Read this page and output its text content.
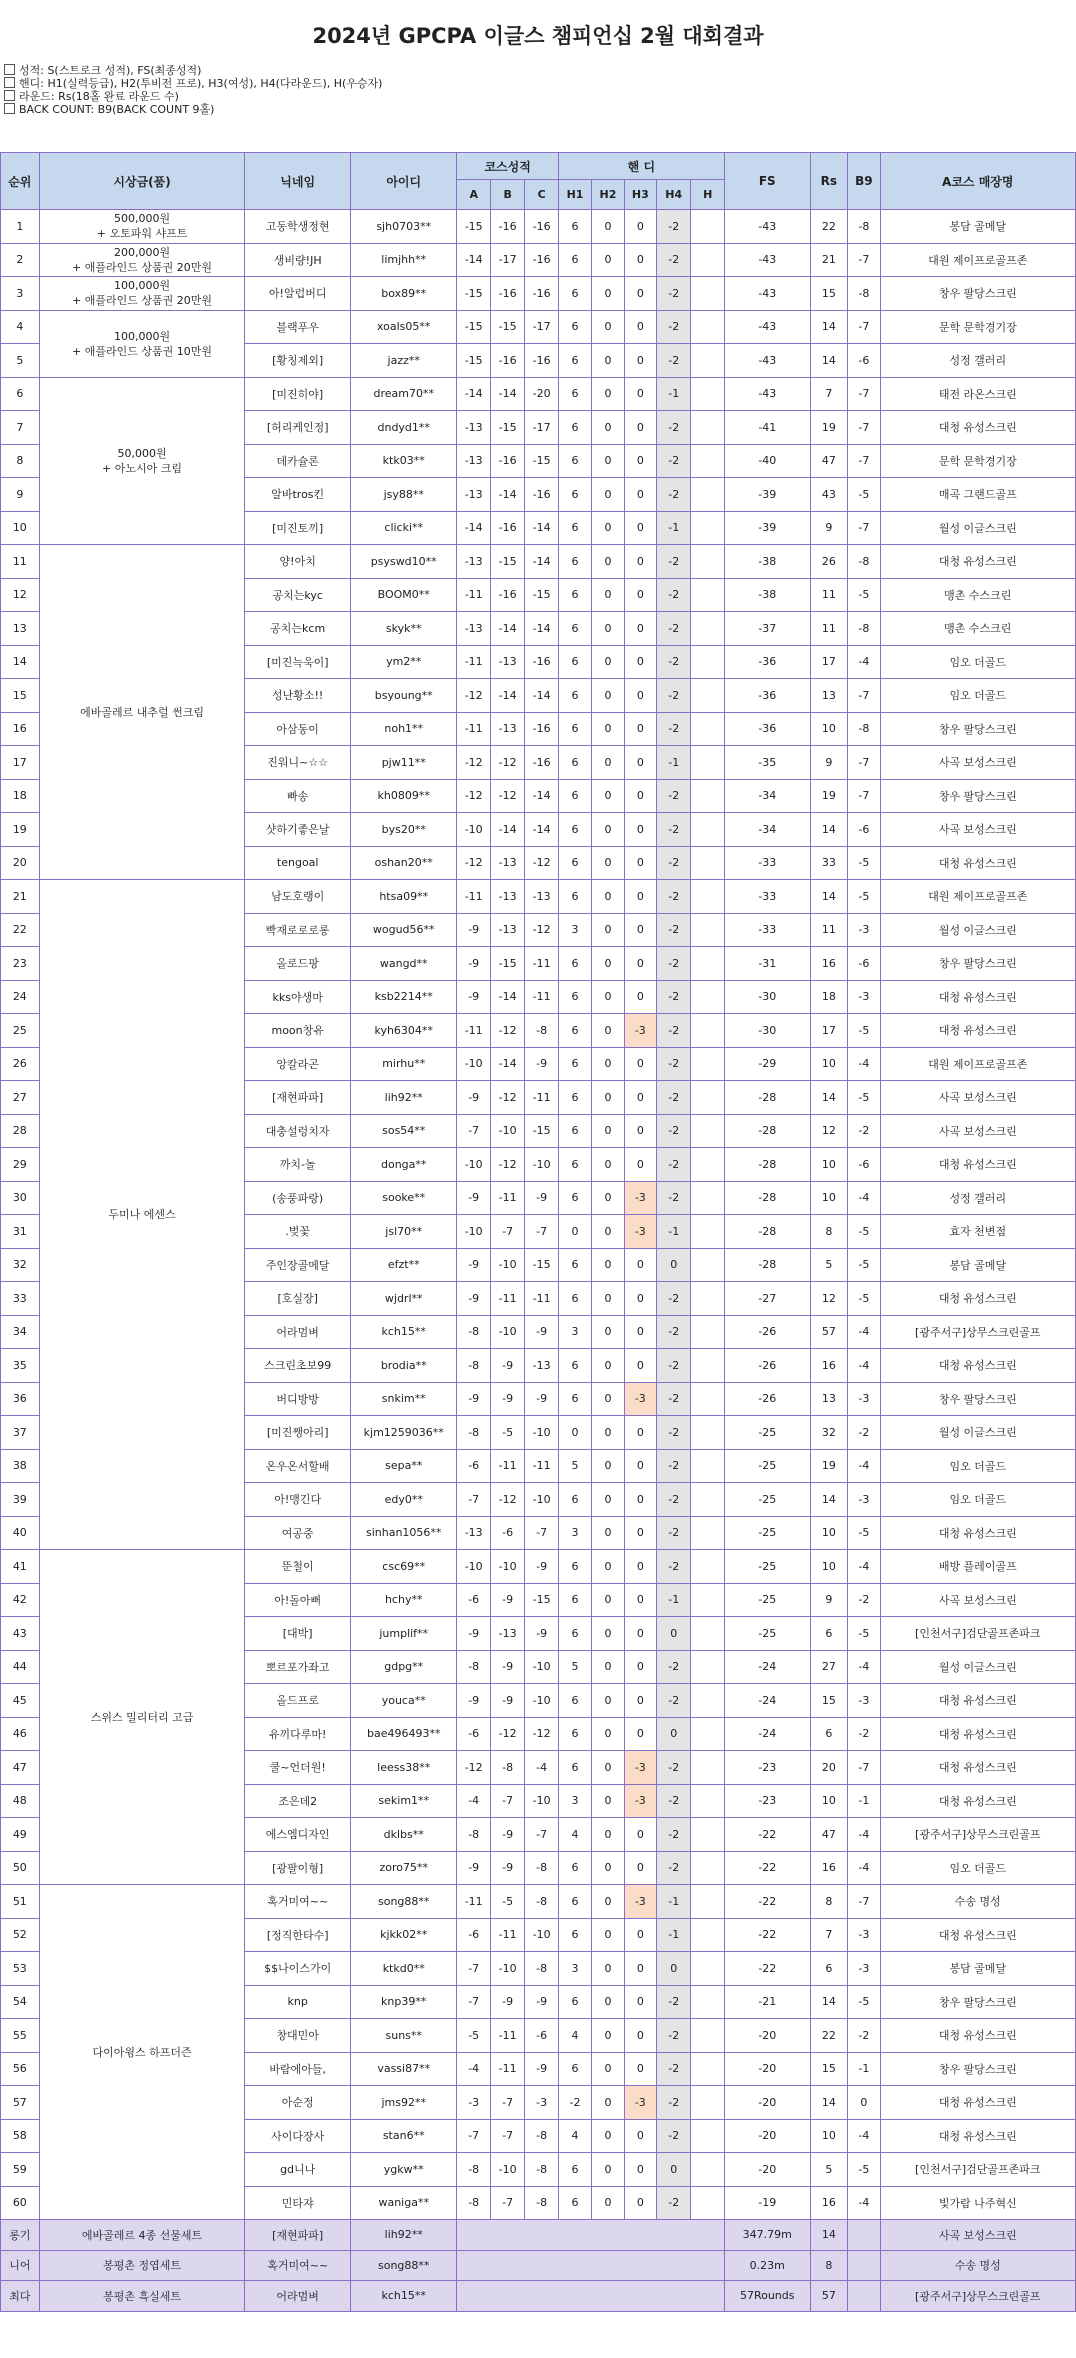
2024년 GPCPA 이글스 챔피언십 2월 대회결과
성적: S(스트로크 성적), FS(최종성적)
핸디: H1(실력등급), H2(투비전 프로), H3(여성), H4(다라운드), H(우승자)
라운드: Rs(18홀 완료 라운드 수)
BACK COUNT: B9(BACK COUNT 9홀)
순위	시상금(품)	닉네임	아이디	코스성적			핸 디					FS	Rs	B9	A코스 매장명
				A	B	C	H1	H2	H3	H4	H				
1	500,000원
+ 오토파워 샤프트	고동학생정현	sjh0703**	-15	-16	-16	6	0	0	-2		-43	22	-8	봉담 골메달
2	200,000원
+ 애플라인드 상품권 20만원	생비량!JH	limjhh**	-14	-17	-16	6	0	0	-2		-43	21	-7	대원 제이프로골프존
3	100,000원
+ 애플라인드 상품권 20만원	아!알럽버디	box89**	-15	-16	-16	6	0	0	-2		-43	15	-8	창우 팔당스크린
4	100,000원
+ 애플라인드 상품권 10만원	블랙푸우	xoals05**	-15	-15	-17	6	0	0	-2		-43	14	-7	문학 문학경기장
5		[황칭제외]	jazz**	-15	-16	-16	6	0	0	-2		-43	14	-6	성정 갤러리
6	50,000원
+ 아노시아 크림	[미진히야]	dream70**	-14	-14	-20	6	0	0	-1		-43	7	-7	태전 라온스크린
7		[허리케인정]	dndyd1**	-13	-15	-17	6	0	0	-2		-41	19	-7	대청 유성스크린
8		데카슐론	ktk03**	-13	-16	-15	6	0	0	-2		-40	47	-7	문학 문학경기장
9		알바tros킨	jsy88**	-13	-14	-16	6	0	0	-2		-39	43	-5	매곡 그랜드골프
10		[미진토끼]	clicki**	-14	-16	-14	6	0	0	-1		-39	9	-7	월성 이글스크린
11	에바골레르 내추럴 썬크림	양!아치	psyswd10**	-13	-15	-14	6	0	0	-2		-38	26	-8	대청 유성스크린
12		공치는kyc	BOOM0**	-11	-16	-15	6	0	0	-2		-38	11	-5	맹촌 수스크린
13		공치는kcm	skyk**	-13	-14	-14	6	0	0	-2		-37	11	-8	맹촌 수스크린
14		[미진늑욱이]	ym2**	-11	-13	-16	6	0	0	-2		-36	17	-4	임오 더골드
15		성난황소!!	bsyoung**	-12	-14	-14	6	0	0	-2		-36	13	-7	임오 더골드
16		아삼동이	noh1**	-11	-13	-16	6	0	0	-2		-36	10	-8	창우 팔당스크린
17		진워니~☆☆	pjw11**	-12	-12	-16	6	0	0	-1		-35	9	-7	사곡 보성스크린
18		빠송	kh0809**	-12	-12	-14	6	0	0	-2		-34	19	-7	창우 팔당스크린
19		샷하기좋은날	bys20**	-10	-14	-14	6	0	0	-2		-34	14	-6	사곡 보성스크린
20		tengoal	oshan20**	-12	-13	-12	6	0	0	-2		-33	33	-5	대청 유성스크린
21	두미나 에센스	남도호랭이	htsa09**	-11	-13	-13	6	0	0	-2		-33	14	-5	대원 제이프로골프존
22		빡재로로로롱	wogud56**	-9	-13	-12	3	0	0	-2		-33	11	-3	월성 이글스크린
23		올로드팡	wangd**	-9	-15	-11	6	0	0	-2		-31	16	-6	창우 팔당스크린
24		kks야생마	ksb2214**	-9	-14	-11	6	0	0	-2		-30	18	-3	대청 유성스크린
25		moon창유	kyh6304**	-11	-12	-8	6	0	-3	-2		-30	17	-5	대청 유성스크린
26		앙칼라곤	mirhu**	-10	-14	-9	6	0	0	-2		-29	10	-4	대원 제이프로골프존
27		[재현파파]	lih92**	-9	-12	-11	6	0	0	-2		-28	14	-5	사곡 보성스크린
28		대충설렁치자	sos54**	-7	-10	-15	6	0	0	-2		-28	12	-2	사곡 보성스크린
29		까치-놀	donga**	-10	-12	-10	6	0	0	-2		-28	10	-6	대청 유성스크린
30		(송풍파랑)	sooke**	-9	-11	-9	6	0	-3	-2		-28	10	-4	성정 갤러리
31		.벚꽃	jsl70**	-10	-7	-7	0	0	-3	-1		-28	8	-5	효자 천변점
32		주인장골메달	efzt**	-9	-10	-15	6	0	0	0		-28	5	-5	봉담 골메달
33		[호실장]	wjdrl**	-9	-11	-11	6	0	0	-2		-27	12	-5	대청 유성스크린
34		어라멈벼	kch15**	-8	-10	-9	3	0	0	-2		-26	57	-4	[광주서구]상무스크린골프
35		스크린초보99	brodia**	-8	-9	-13	6	0	0	-2		-26	16	-4	대청 유성스크린
36		버디방방	snkim**	-9	-9	-9	6	0	-3	-2		-26	13	-3	창우 팔당스크린
37		[미진쨍아리]	kjm1259036**	-8	-5	-10	0	0	0	-2		-25	32	-2	월성 이글스크린
38		온우온서할배	sepa**	-6	-11	-11	5	0	0	-2		-25	19	-4	임오 더골드
39		아!맹긴다	edy0**	-7	-12	-10	6	0	0	-2		-25	14	-3	임오 더골드
40		여공중	sinhan1056**	-13	-6	-7	3	0	0	-2		-25	10	-5	대청 유성스크린
41	스위스 밀리터리 고급	뚠철이	csc69**	-10	-10	-9	6	0	0	-2		-25	10	-4	배방 플레이골프
42		아!돌아뻐	hchy**	-6	-9	-15	6	0	0	-1		-25	9	-2	사곡 보성스크린
43		[대박]	jumplif**	-9	-13	-9	6	0	0	0		-25	6	-5	[인천서구]검단골프존파크
44		뽀르포가좌고	gdpg**	-8	-9	-10	5	0	0	-2		-24	27	-4	월성 이글스크린
45		올드프로	youca**	-9	-9	-10	6	0	0	-2		-24	15	-3	대청 유성스크린
46		유끼다루마!	bae496493**	-6	-12	-12	6	0	0	0		-24	6	-2	대청 유성스크린
47		쿨~언더원!	leess38**	-12	-8	-4	6	0	-3	-2		-23	20	-7	대청 유성스크린
48		조은데2	sekim1**	-4	-7	-10	3	0	-3	-2		-23	10	-1	대청 유성스크린
49		에스엠디자인	dklbs**	-8	-9	-7	4	0	0	-2		-22	47	-4	[광주서구]상무스크린골프
50		[광팔이형]	zoro75**	-9	-9	-8	6	0	0	-2		-22	16	-4	임오 더골드
51	다이아윙스 하프더즌	혹거미여~~	song88**	-11	-5	-8	6	0	-3	-1		-22	8	-7	수송 명성
52		[정직한타수]	kjkk02**	-6	-11	-10	6	0	0	-1		-22	7	-3	대청 유성스크린
53		$$나이스가이	ktkd0**	-7	-10	-8	3	0	0	0		-22	6	-3	봉담 골메달
54		knp	knp39**	-7	-9	-9	6	0	0	-2		-21	14	-5	창우 팔당스크린
55		창대민아	suns**	-5	-11	-6	4	0	0	-2		-20	22	-2	대청 유성스크린
56		바람에아들,	vassi87**	-4	-11	-9	6	0	0	-2		-20	15	-1	창우 팔당스크린
57		아순정	jms92**	-3	-7	-3	-2	0	-3	-2		-20	14	0	대청 유성스크린
58		사이다장사	stan6**	-7	-7	-8	4	0	0	-2		-20	10	-4	대청 유성스크린
59		gd니나	ygkw**	-8	-10	-8	6	0	0	0		-20	5	-5	[인천서구]검단골프존파크
60		민타쟈	waniga**	-8	-7	-8	6	0	0	-2		-19	16	-4	빛가람 나주혁신
롱기	에바골레르 4종 선물세트	[재현파파]	lih92**									347.79m	14		사곡 보성스크린
니어	봉평촌 정엽세트	혹거미여~~	song88**									0.23m	8		수송 명성
최다	봉평촌 흑실세트	어라멈벼	kch15**									57Rounds	57		[광주서구]상무스크린골프
